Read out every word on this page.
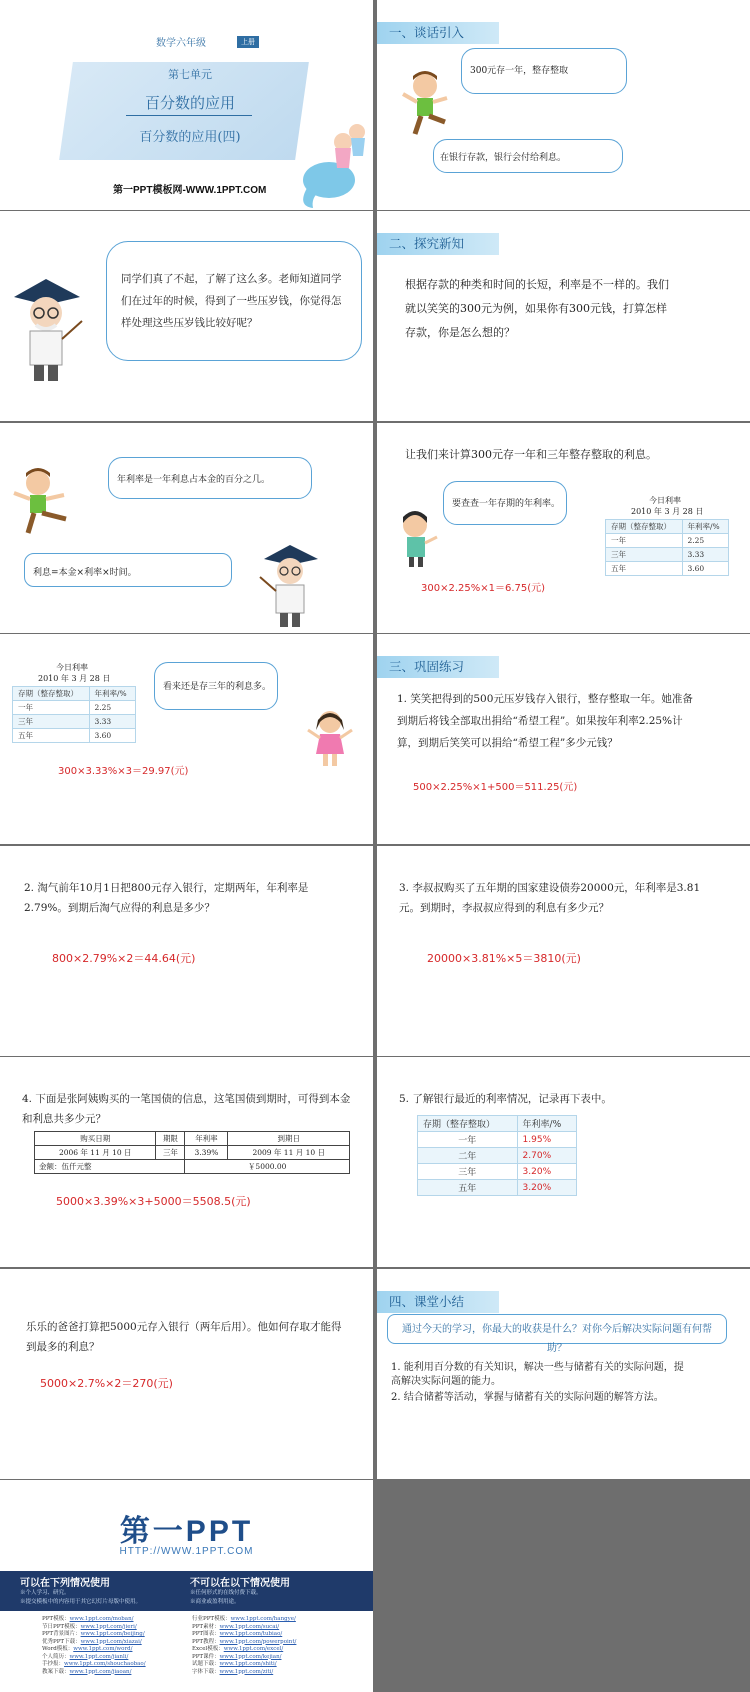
数学六年级	上册
第七单元
百分数的应用
百分数的应用(四)
第一PPT模板网-WWW.1PPT.COM
一、谈话引入
300元存一年，整存整取
在银行存款，银行会付给利息。
同学们真了不起，了解了这么多。老师知道同学们在过年的时候，得到了一些压岁钱，你觉得怎样处理这些压岁钱比较好呢？
二、探究新知
根据存款的种类和时间的长短，利率是不一样的。我们就以笑笑的300元为例，如果你有300元钱，打算怎样存款，你是怎么想的？
年利率是一年利息占本金的百分之几。
利息=本金×利率×时间。
让我们来计算300元存一年和三年整存整取的利息。
要查查一年存期的年利率。	今日利率
2010 年 3 月 28 日
存期（整存整取）	年利率/%
一年	2.25
三年	3.33
五年	3.60
300×2.25%×1＝6.75(元)
今日利率
2010 年 3 月 28 日
存期（整存整取）	年利率/%
一年	2.25
三年	3.33
五年	3.60
看来还是存三年的利息多。
300×3.33%×3＝29.97(元)
三、巩固练习
1. 笑笑把得到的500元压岁钱存入银行，整存整取一年。她准备到期后将钱全部取出捐给“希望工程”。如果按年利率2.25%计算，到期后笑笑可以捐给“希望工程”多少元钱？
500×2.25%×1+500＝511.25(元)
2. 淘气前年10月1日把800元存入银行，定期两年，年利率是2.79%。到期后淘气应得的利息是多少？
800×2.79%×2＝44.64(元)
3. 李叔叔购买了五年期的国家建设债券20000元，年利率是3.81元。到期时，李叔叔应得到的利息有多少元？
20000×3.81%×5＝3810(元)
4. 下面是张阿姨购买的一笔国债的信息，这笔国债到期时，可得到本金和利息共多少元？
购买日期	期限	年利率	到期日
2006 年 11 月 10 日	三年	3.39%	2009 年 11 月 10 日
金额：伍仟元整		￥5000.00	
5000×3.39%×3+5000＝5508.5(元)
5. 了解银行最近的利率情况，记录再下表中。
存期（整存整取）	年利率/%
一年	1.95%
二年	2.70%
三年	3.20%
五年	3.20%
乐乐的爸爸打算把5000元存入银行（两年后用）。他如何存取才能得到最多的利息？
5000×2.7%×2＝270(元)
四、课堂小结
通过今天的学习，你最大的收获是什么？对你今后解决实际问题有何帮助？
1. 能利用百分数的有关知识，解决一些与储蓄有关的实际问题，提高解决实际问题的能力。
2. 结合储蓄等活动，掌握与储蓄有关的实际问题的解答方法。
第一PPT
HTTP://WWW.1PPT.COM
可以在下列情况使用
※个人学习、研究。
※提交模板中的内容用于其它幻灯片母版中使用。
不可以在以下情况使用
※任何形式的在线付费下载。
※商业或盈利用途。
PPT模板：www.1ppt.com/moban/
节日PPT模板：www.1ppt.com/jieri/
PPT背景图片：www.1ppt.com/beijing/
优秀PPT下载：www.1ppt.com/xiazai/
Word模板：www.1ppt.com/word/
个人简历：www.1ppt.com/jianli/
手抄报：www.1ppt.com/shouchaobao/
教案下载：www.1ppt.com/jiaoan/
行业PPT模板：www.1ppt.com/hangye/
PPT素材：www.1ppt.com/sucai/
PPT图表：www.1ppt.com/tubiao/
PPT教程：www.1ppt.com/powerpoint/
Excel模板：www.1ppt.com/excel/
PPT课件：www.1ppt.com/kejian/
试题下载：www.1ppt.com/shiti/
字体下载：www.1ppt.com/ziti/
